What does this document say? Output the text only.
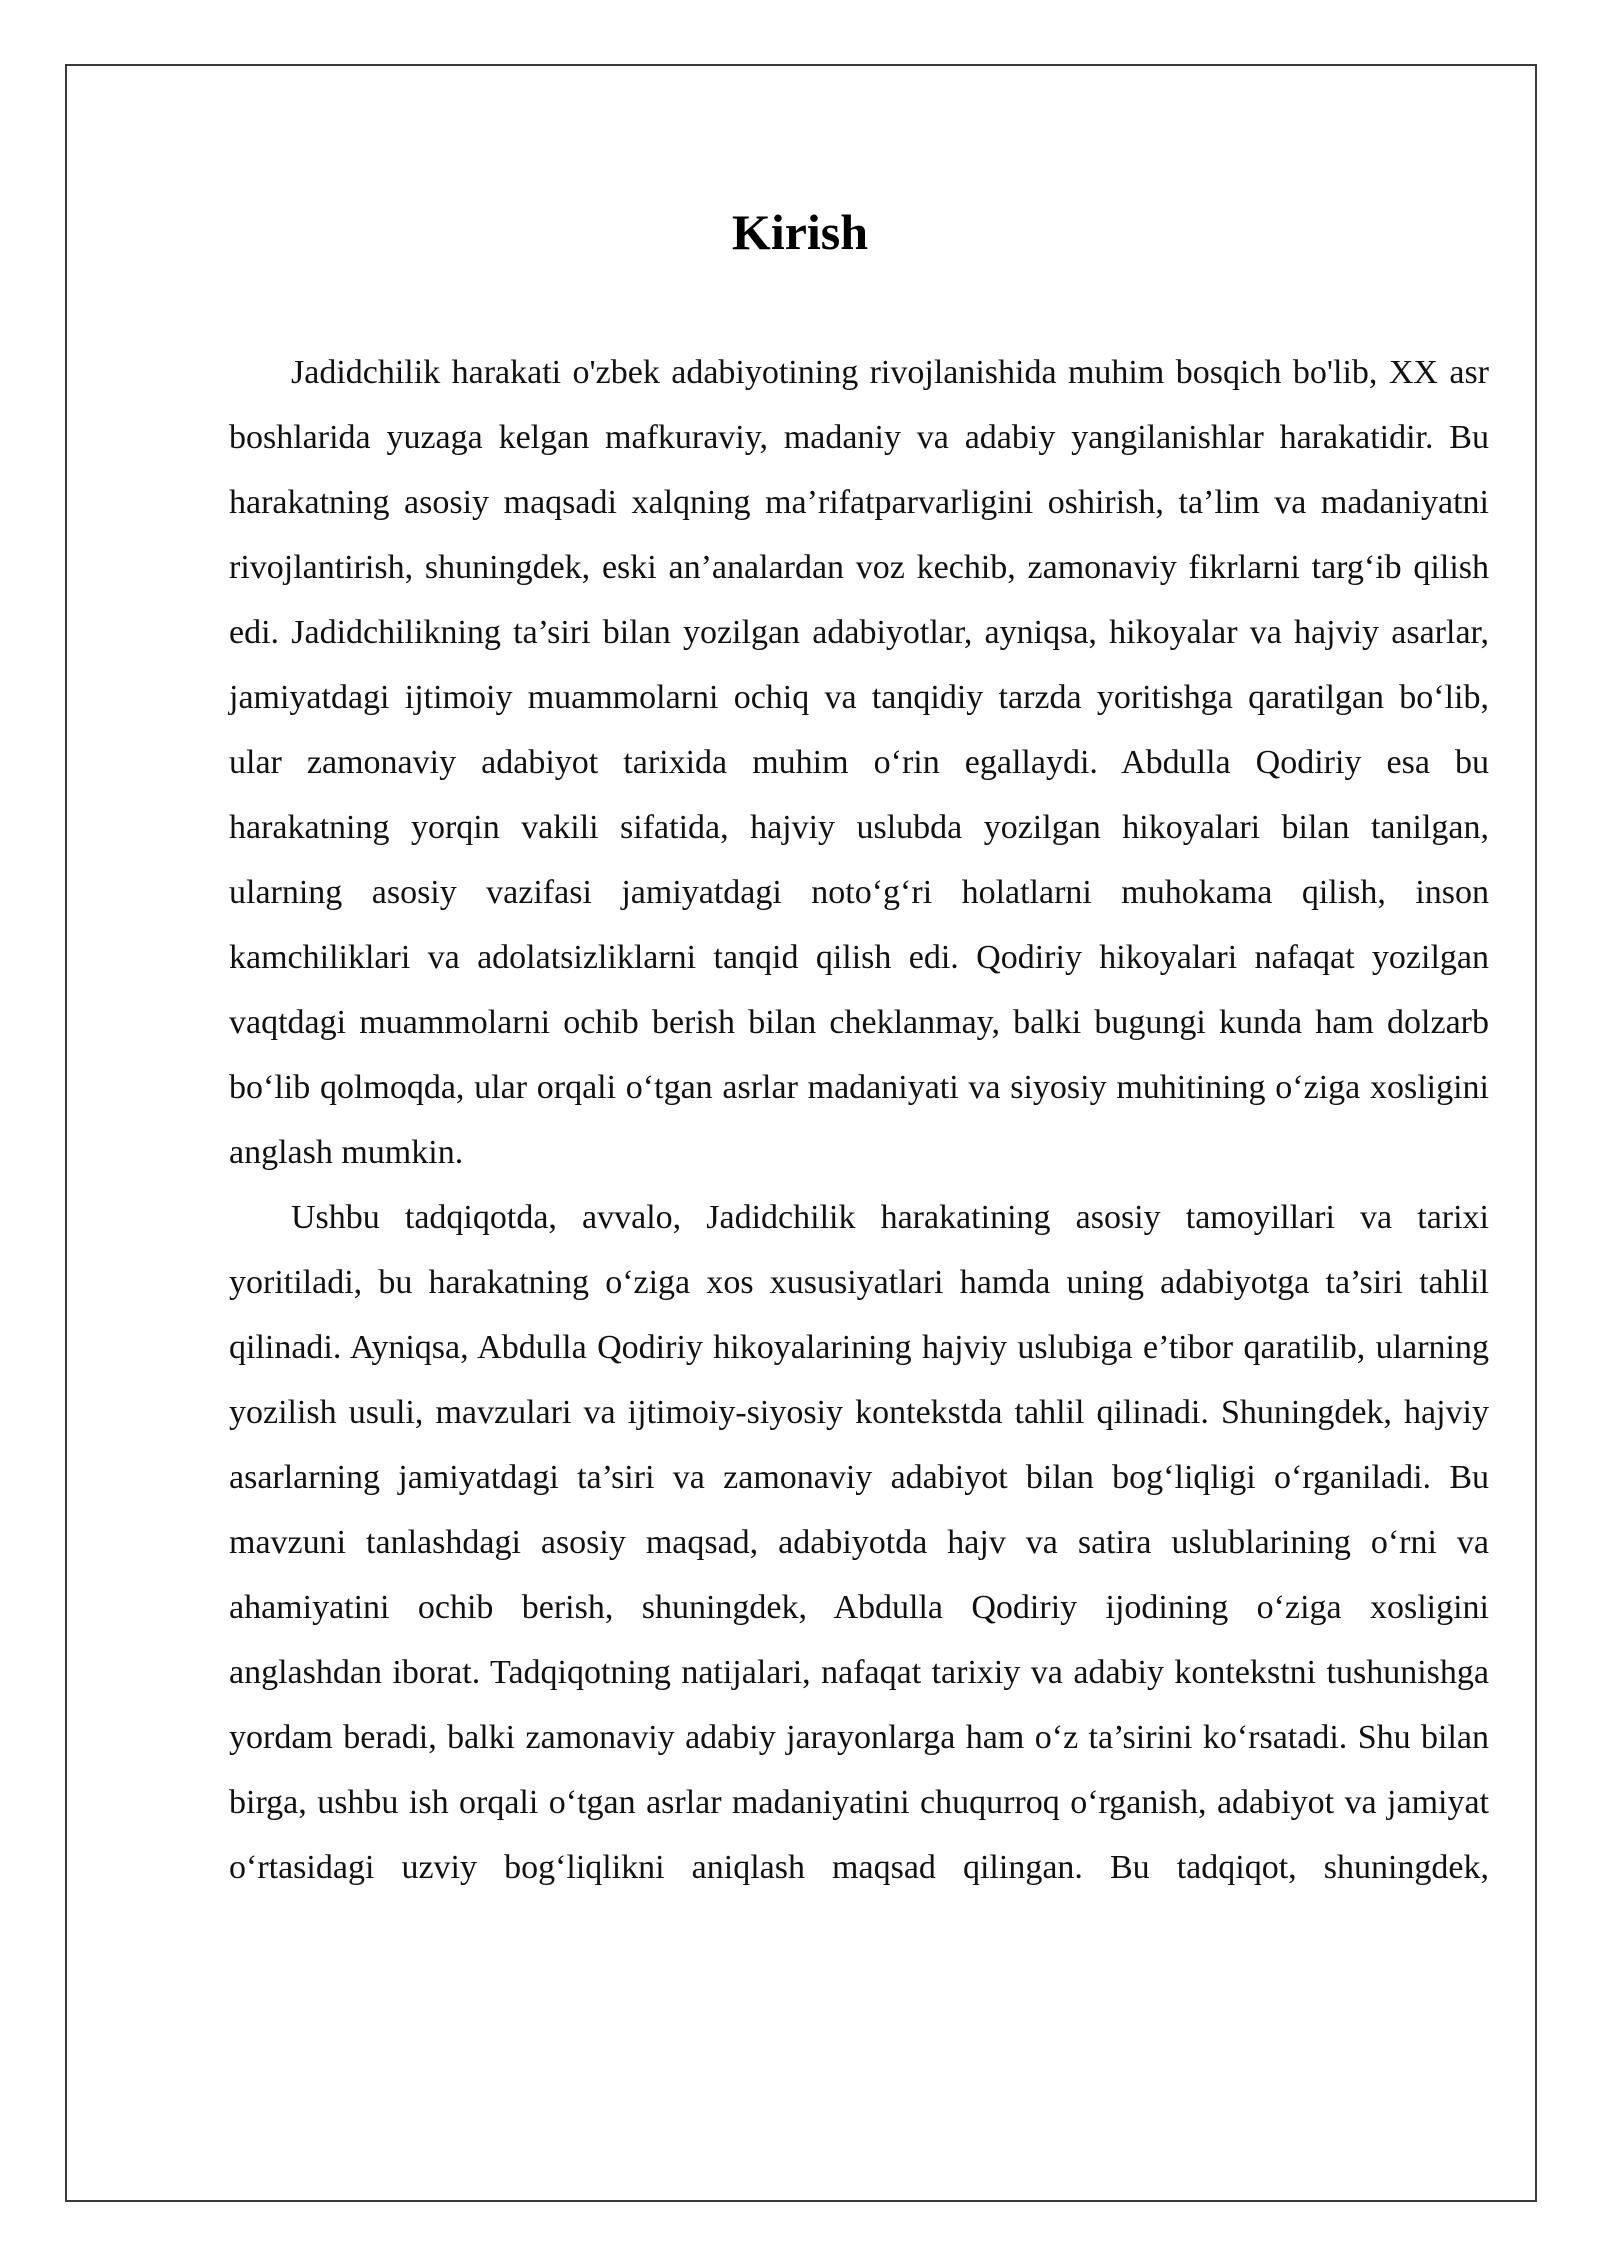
Kirish

Jadidchilik harakati o'zbek adabiyotining rivojlanishida muhim bosqich bo'lib, XX asr boshlarida yuzaga kelgan mafkuraviy, madaniy va adabiy yangilanishlar harakatidir. Bu harakatning asosiy maqsadi xalqning ma’rifatparvarligini oshirish, ta’lim va madaniyatni rivojlantirish, shuningdek, eski an’analardan voz kechib, zamonaviy fikrlarni targ‘ib qilish edi. Jadidchilikning ta’siri bilan yozilgan adabiyotlar, ayniqsa, hikoyalar va hajviy asarlar, jamiyatdagi ijtimoiy muammolarni ochiq va tanqidiy tarzda yoritishga qaratilgan bo‘lib, ular zamonaviy adabiyot tarixida muhim o‘rin egallaydi. Abdulla Qodiriy esa bu harakatning yorqin vakili sifatida, hajviy uslubda yozilgan hikoyalari bilan tanilgan, ularning asosiy vazifasi jamiyatdagi noto‘g‘ri holatlarni muhokama qilish, inson kamchiliklari va adolatsizliklarni tanqid qilish edi. Qodiriy hikoyalari nafaqat yozilgan vaqtdagi muammolarni ochib berish bilan cheklanmay, balki bugungi kunda ham dolzarb bo‘lib qolmoqda, ular orqali o‘tgan asrlar madaniyati va siyosiy muhitining o‘ziga xosligini anglash mumkin.

Ushbu tadqiqotda, avvalo, Jadidchilik harakatining asosiy tamoyillari va tarixi yoritiladi, bu harakatning o‘ziga xos xususiyatlari hamda uning adabiyotga ta’siri tahlil qilinadi. Ayniqsa, Abdulla Qodiriy hikoyalarining hajviy uslubiga e’tibor qaratilib, ularning yozilish usuli, mavzulari va ijtimoiy-siyosiy kontekstda tahlil qilinadi. Shuningdek, hajviy asarlarning jamiyatdagi ta’siri va zamonaviy adabiyot bilan bog‘liqligi o‘rganiladi. Bu mavzuni tanlashdagi asosiy maqsad, adabiyotda hajv va satira uslublarining o‘rni va ahamiyatini ochib berish, shuningdek, Abdulla Qodiriy ijodining o‘ziga xosligini anglashdan iborat. Tadqiqotning natijalari, nafaqat tarixiy va adabiy kontekstni tushunishga yordam beradi, balki zamonaviy adabiy jarayonlarga ham o‘z ta’sirini ko‘rsatadi. Shu bilan birga, ushbu ish orqali o‘tgan asrlar madaniyatini chuqurroq o‘rganish, adabiyot va jamiyat o‘rtasidagi uzviy bog‘liqlikni aniqlash maqsad qilingan. Bu tadqiqot, shuningdek,
